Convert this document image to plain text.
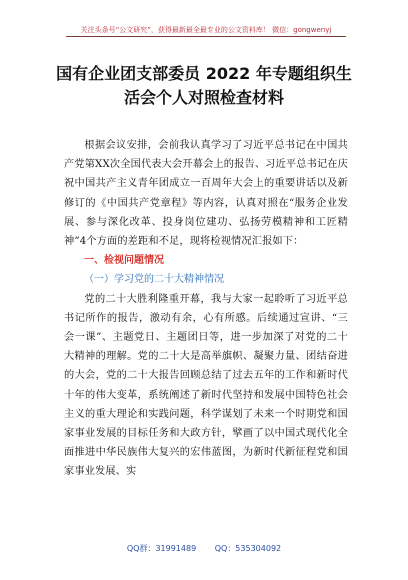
关注头条号“公文研究”，获得最新最全最专业的公文资料库！ 微信：gongwenyj
国有企业团支部委员 2022 年专题组织生
活会个人对照检查材料

根据会议安排，会前我认真学习了习近平总书记在中国共产党第XX次全国代表大会开幕会上的报告、习近平总书记在庆祝中国共产主义青年团成立一百周年大会上的重要讲话以及新修订的《中国共产党章程》等内容，认真对照在“服务企业发展、参与深化改革、投身岗位建功、弘扬劳模精神和工匠精神”4个方面的差距和不足，现将检视情况汇报如下：

一、检视问题情况

（一）学习党的二十大精神情况

党的二十大胜利隆重开幕，我与大家一起聆听了习近平总书记所作的报告，激动有余，心有所感。后续通过宣讲、“三会一课”、主题党日、主题团日等，进一步加深了对党的二十大精神的理解。党的二十大是高举旗帜、凝聚力量、团结奋进的大会，党的二十大报告回顾总结了过去五年的工作和新时代十年的伟大变革，系统阐述了新时代坚持和发展中国特色社会主义的重大理论和实践问题，科学谋划了未来一个时期党和国家事业发展的目标任务和大政方针，擘画了以中国式现代化全面推进中华民族伟大复兴的宏伟蓝图，为新时代新征程党和国家事业发展、实

QQ群：31991489 QQ：535304092
